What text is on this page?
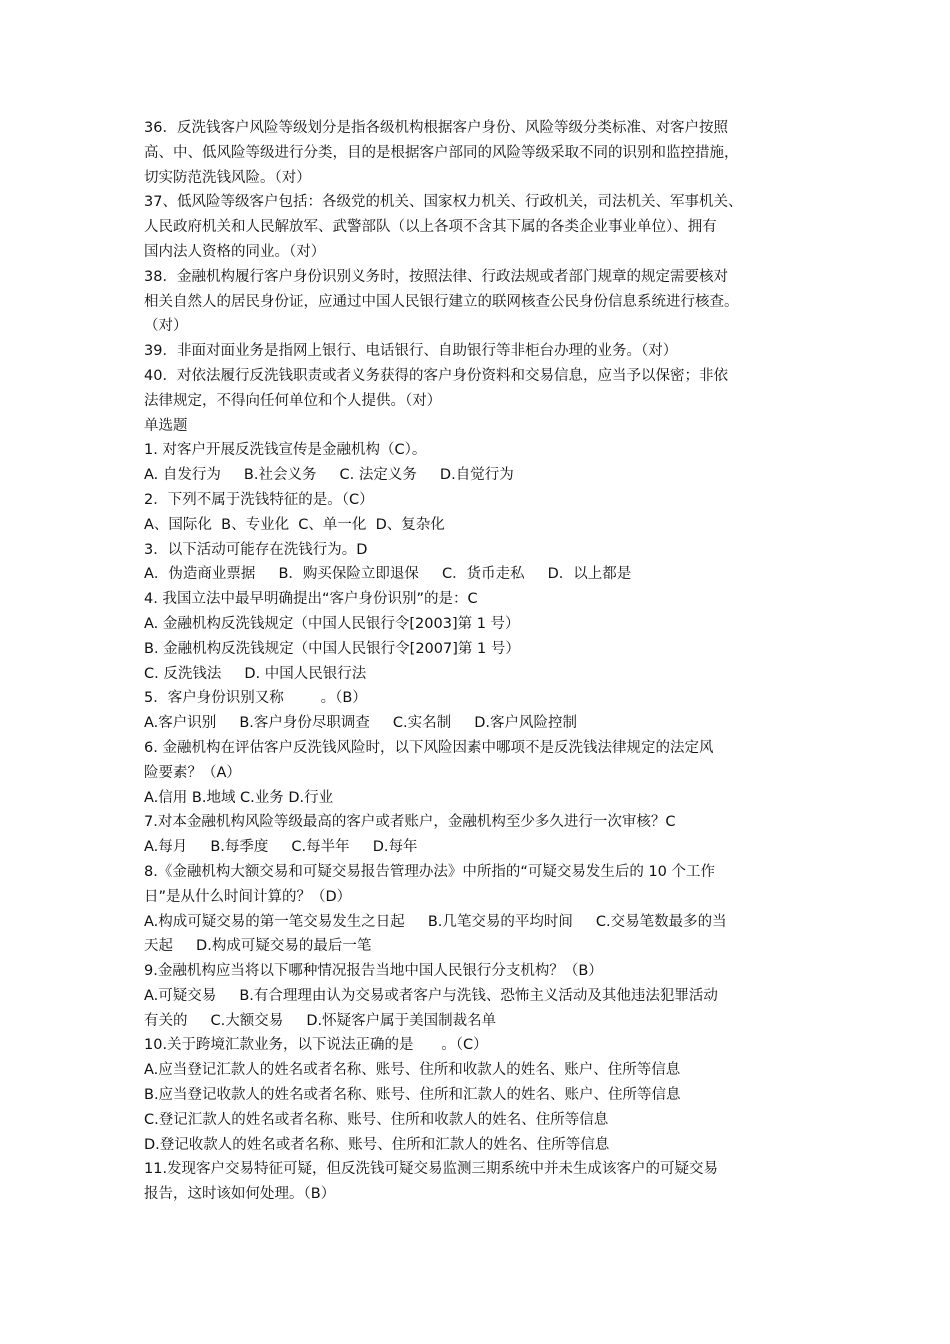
36．反洗钱客户风险等级划分是指各级机构根据客户身份、风险等级分类标准、对客户按照
高、中、低风险等级进行分类，目的是根据客户部同的风险等级采取不同的识别和监控措施，
切实防范洗钱风险。（对）
37、低风险等级客户包括：各级党的机关、国家权力机关、行政机关，司法机关、军事机关、
人民政府机关和人民解放军、武警部队（以上各项不含其下属的各类企业事业单位）、拥有
国内法人资格的同业。（对）
38．金融机构履行客户身份识别义务时，按照法律、行政法规或者部门规章的规定需要核对
相关自然人的居民身份证，应通过中国人民银行建立的联网核查公民身份信息系统进行核查。
（对）
39．非面对面业务是指网上银行、电话银行、自助银行等非柜台办理的业务。（对）
40．对依法履行反洗钱职责或者义务获得的客户身份资料和交易信息，应当予以保密；非依
法律规定，不得向任何单位和个人提供。（对）
单选题
1. 对客户开展反洗钱宣传是金融机构（C）。
A. 自发行为     B.社会义务     C. 法定义务     D.自觉行为
2．下列不属于洗钱特征的是。（C）
A、国际化  B、专业化  C、单一化  D、复杂化
3．以下活动可能存在洗钱行为。D
A．伪造商业票据     B．购买保险立即退保     C．货币走私     D．以上都是
4. 我国立法中最早明确提出“客户身份识别”的是：C
A. 金融机构反洗钱规定（中国人民银行令[2003]第 1 号）
B. 金融机构反洗钱规定（中国人民银行令[2007]第 1 号）
C. 反洗钱法     D. 中国人民银行法
5．客户身份识别又称        。（B）
A.客户识别     B.客户身份尽职调查     C.实名制     D.客户风险控制
6. 金融机构在评估客户反洗钱风险时，以下风险因素中哪项不是反洗钱法律规定的法定风
险要素？（A）
A.信用 B.地域 C.业务 D.行业
7.对本金融机构风险等级最高的客户或者账户，金融机构至少多久进行一次审核？C
A.每月     B.每季度     C.每半年     D.每年
8.《金融机构大额交易和可疑交易报告管理办法》中所指的“可疑交易发生后的 10 个工作
日”是从什么时间计算的？（D）
A.构成可疑交易的第一笔交易发生之日起     B.几笔交易的平均时间     C.交易笔数最多的当
天起     D.构成可疑交易的最后一笔
9.金融机构应当将以下哪种情况报告当地中国人民银行分支机构？（B）
A.可疑交易     B.有合理理由认为交易或者客户与洗钱、恐怖主义活动及其他违法犯罪活动
有关的     C.大额交易     D.怀疑客户属于美国制裁名单
10.关于跨境汇款业务，以下说法正确的是      。（C）
A.应当登记汇款人的姓名或者名称、账号、住所和收款人的姓名、账户、住所等信息
B.应当登记收款人的姓名或者名称、账号、住所和汇款人的姓名、账户、住所等信息
C.登记汇款人的姓名或者名称、账号、住所和收款人的姓名、住所等信息
D.登记收款人的姓名或者名称、账号、住所和汇款人的姓名、住所等信息
11.发现客户交易特征可疑，但反洗钱可疑交易监测三期系统中并未生成该客户的可疑交易
报告，这时该如何处理。（B）
